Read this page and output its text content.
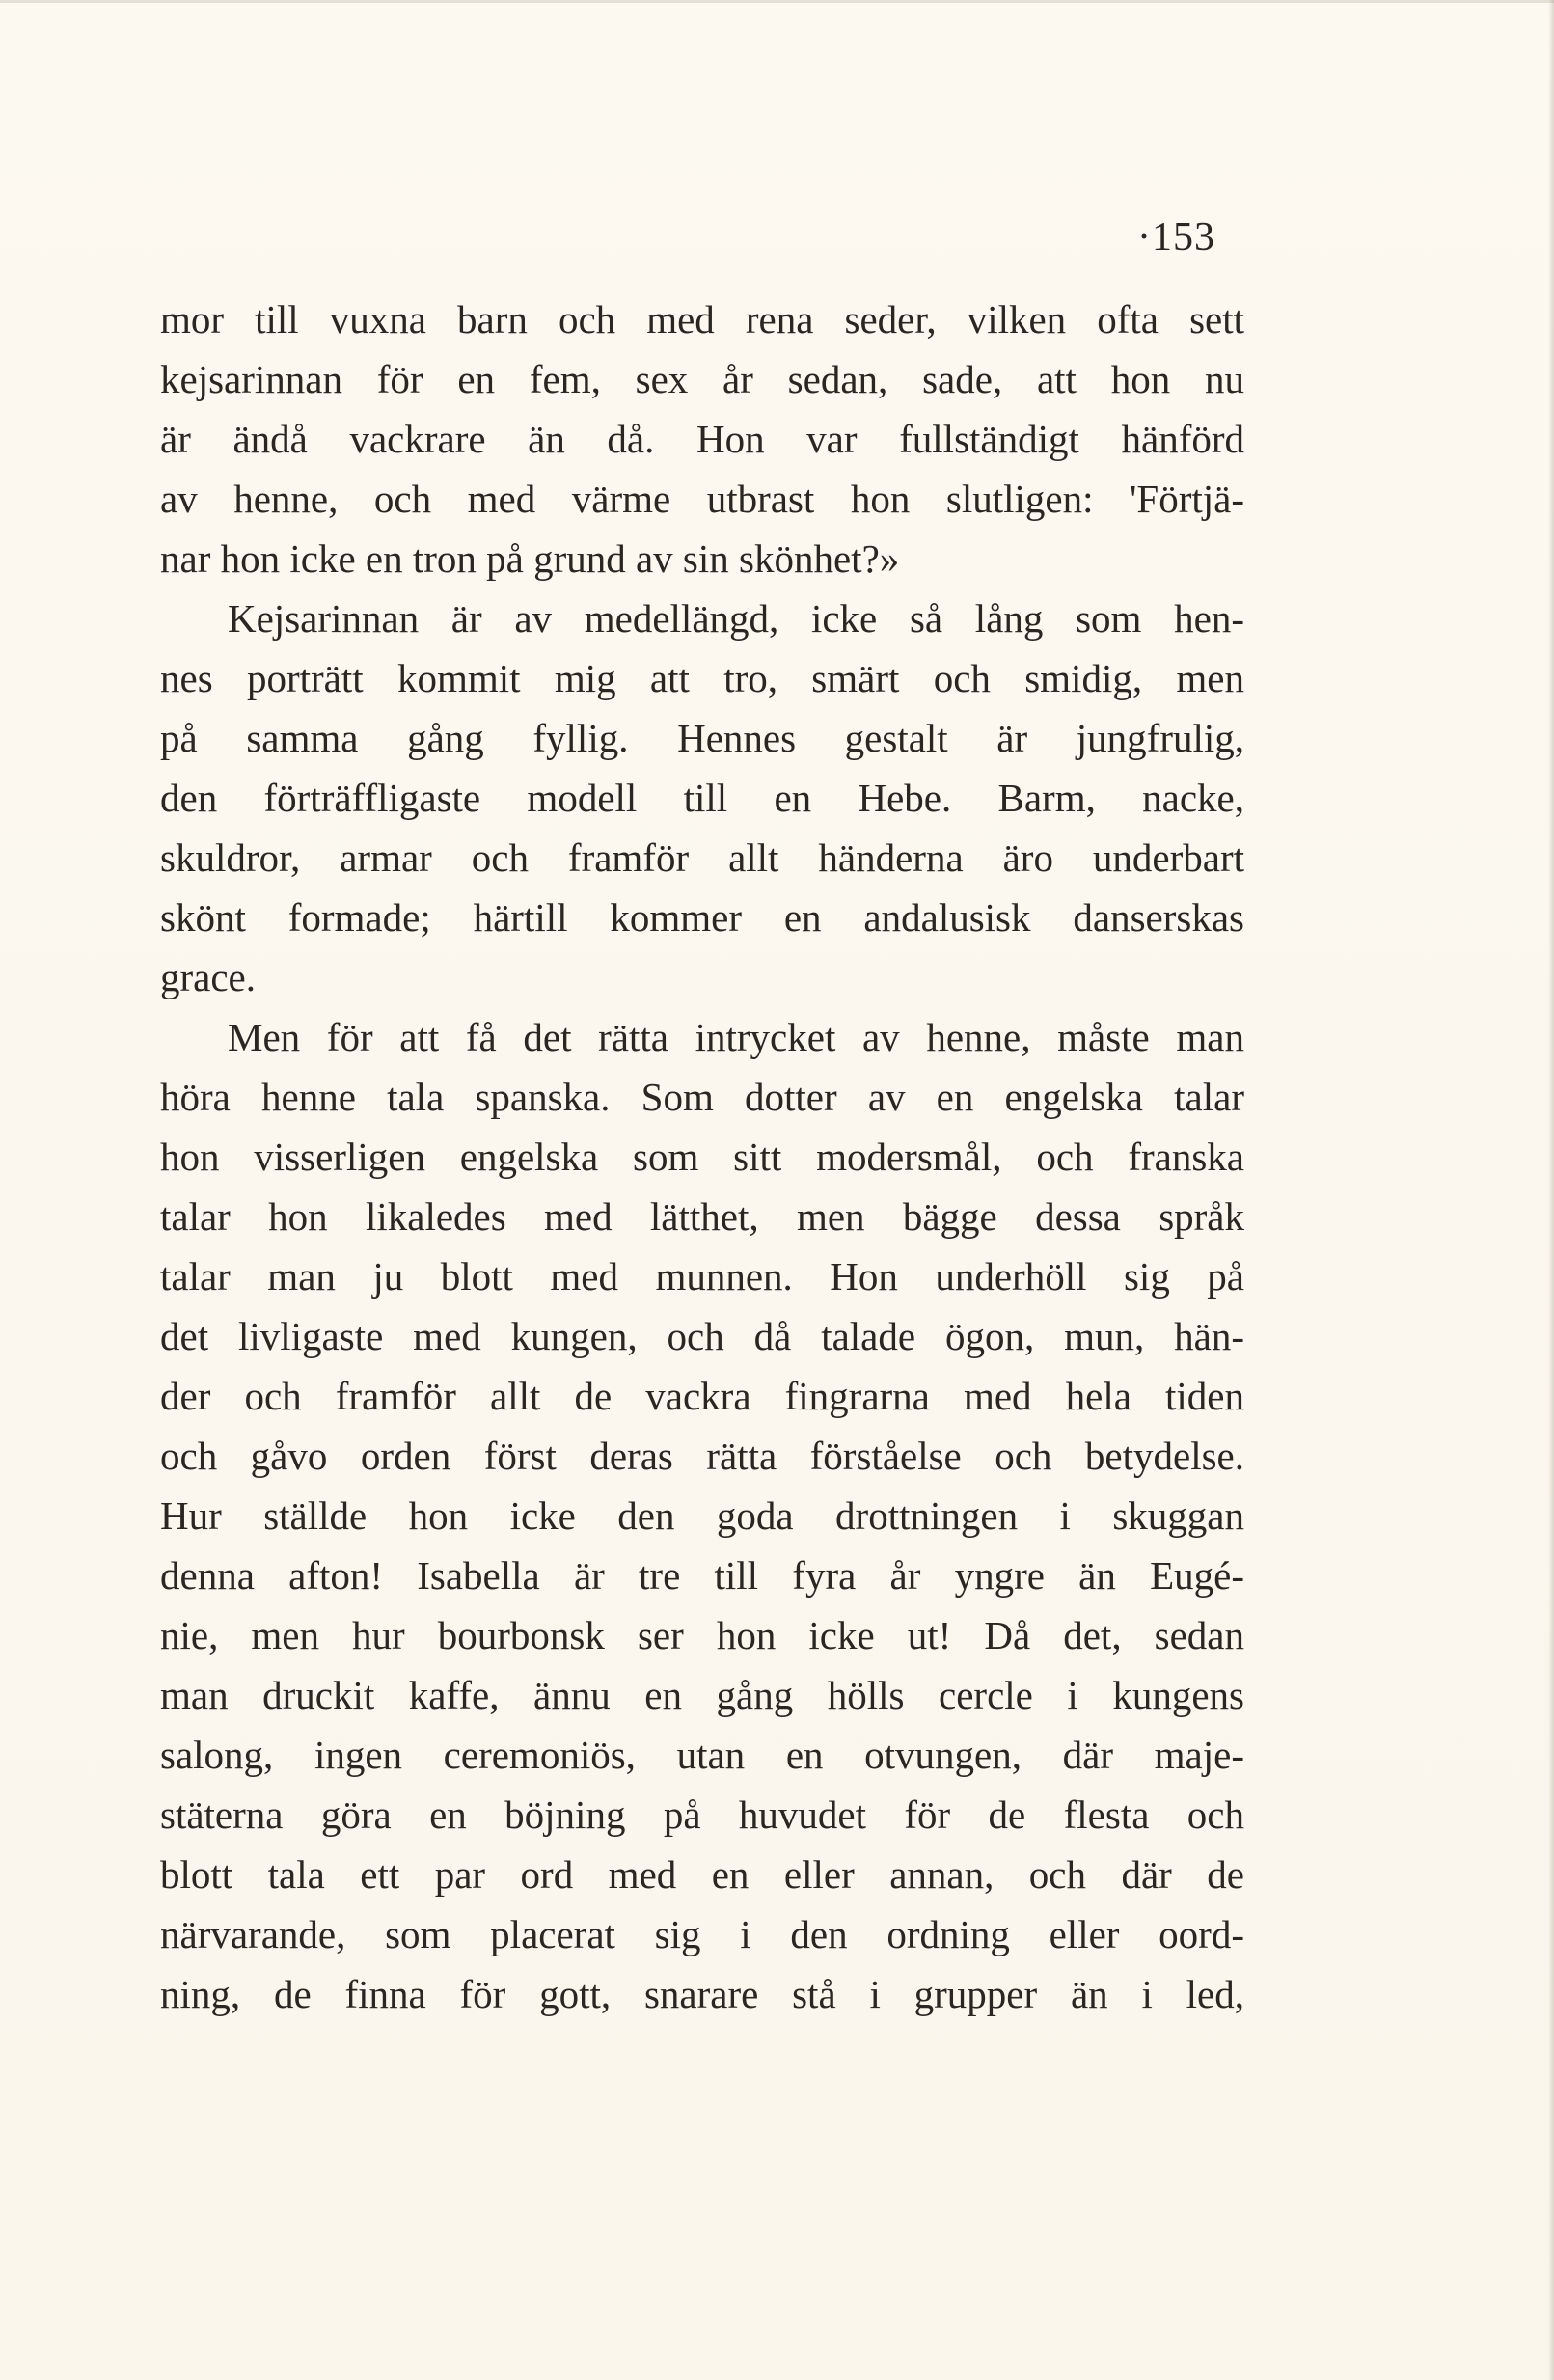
·153
mor till vuxna barn och med rena seder, vilken ofta sett
kejsarinnan för en fem, sex år sedan, sade, att hon nu
är ändå vackrare än då. Hon var fullständigt hänförd
av henne, och med värme utbrast hon slutligen: 'Förtjä-
nar hon icke en tron på grund av sin skönhet?»
Kejsarinnan är av medellängd, icke så lång som hen-
nes porträtt kommit mig att tro, smärt och smidig, men
på samma gång fyllig. Hennes gestalt är jungfrulig,
den förträffligaste modell till en Hebe. Barm, nacke,
skuldror, armar och framför allt händerna äro underbart
skönt formade; härtill kommer en andalusisk danserskas
grace.
Men för att få det rätta intrycket av henne, måste man
höra henne tala spanska. Som dotter av en engelska talar
hon visserligen engelska som sitt modersmål, och franska
talar hon likaledes med lätthet, men bägge dessa språk
talar man ju blott med munnen. Hon underhöll sig på
det livligaste med kungen, och då talade ögon, mun, hän-
der och framför allt de vackra fingrarna med hela tiden
och gåvo orden först deras rätta förståelse och betydelse.
Hur ställde hon icke den goda drottningen i skuggan
denna afton! Isabella är tre till fyra år yngre än Eugé-
nie, men hur bourbonsk ser hon icke ut! Då det, sedan
man druckit kaffe, ännu en gång hölls cercle i kungens
salong, ingen ceremoniös, utan en otvungen, där maje-
stäterna göra en böjning på huvudet för de flesta och
blott tala ett par ord med en eller annan, och där de
närvarande, som placerat sig i den ordning eller oord-
ning, de finna för gott, snarare stå i grupper än i led,
